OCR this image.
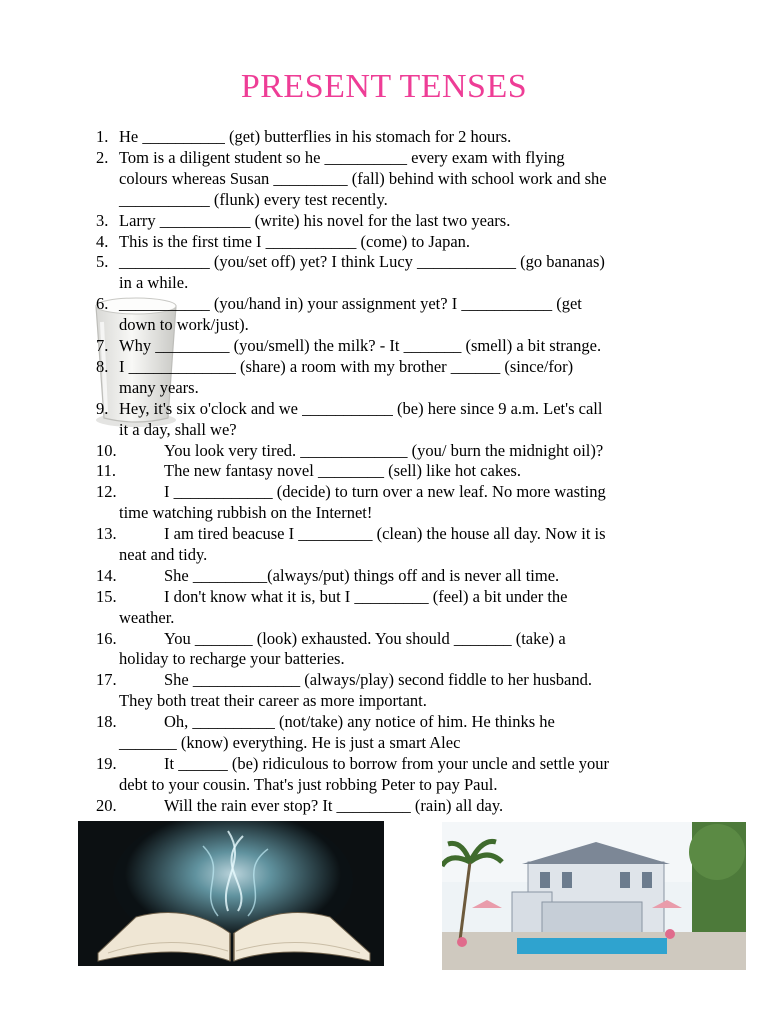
PRESENT TENSES
1. He __________ (get) butterflies in his stomach for 2 hours.
2. Tom is a diligent student so he __________ every exam with flying
colours whereas Susan _________ (fall) behind with school work and she
___________ (flunk) every test recently.
3. Larry ___________ (write) his novel for the last two years.
4. This is the first time I ___________ (come) to Japan.
5. ___________ (you/set off) yet? I think Lucy ____________ (go bananas)
in a while.
6. ___________ (you/hand in) your assignment yet? I ___________ (get
down to work/just).
7. Why _________ (you/smell) the milk? - It _______ (smell) a bit strange.
8. I _____________ (share) a room with my brother ______ (since/for)
many years.
9. Hey, it's six o'clock and we ___________ (be) here since 9 a.m. Let's call
it a day, shall we?
10.	You look very tired. _____________ (you/ burn the midnight oil)?
11.	The new fantasy novel ________ (sell) like hot cakes.
12.	I ____________ (decide) to turn over a new leaf. No more wasting
time watching rubbish on the Internet!
13.	I am tired beacuse I _________ (clean) the house all day. Now it is
neat and tidy.
14.	She _________(always/put) things off and is never all time.
15.	I don't know what it is, but I _________ (feel) a bit under the
weather.
16.	You _______ (look) exhausted. You should _______ (take) a
holiday to recharge your batteries.
17.	She _____________ (always/play) second fiddle to her husband.
They both treat their career as more important.
18.	Oh, __________ (not/take) any notice of him. He thinks he
_______ (know) everything. He is just a smart Alec
19.	It ______ (be) ridiculous to borrow from your uncle and settle your
debt to your cousin. That's just robbing Peter to pay Paul.
20.	Will the rain ever stop? It _________ (rain) all day.
